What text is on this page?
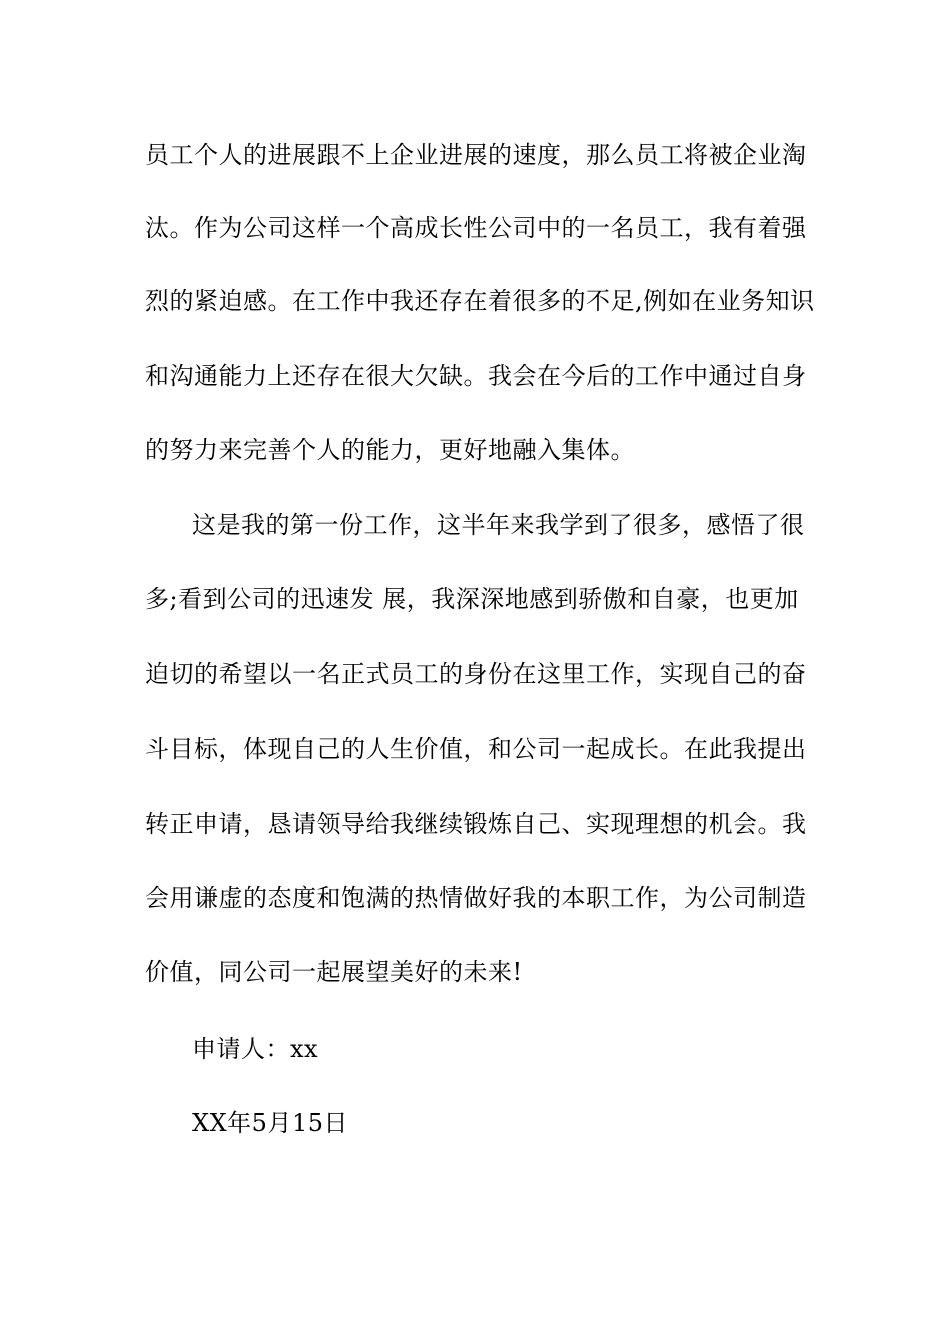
员工个人的进展跟不上企业进展的速度，那么员工将被企业淘
汰。作为公司这样一个高成长性公司中的一名员工，我有着强
烈的紧迫感。在工作中我还存在着很多的不足,例如在业务知识
和沟通能力上还存在很大欠缺。我会在今后的工作中通过自身
的努力来完善个人的能力，更好地融入集体。
这是我的第一份工作，这半年来我学到了很多，感悟了很
多;看到公司的迅速发 展，我深深地感到骄傲和自豪，也更加
迫切的希望以一名正式员工的身份在这里工作，实现自己的奋
斗目标，体现自己的人生价值，和公司一起成长。在此我提出
转正申请，恳请领导给我继续锻炼自己、实现理想的机会。我
会用谦虚的态度和饱满的热情做好我的本职工作，为公司制造
价值，同公司一起展望美好的未来!
申请人：xx
XX年5月15日
